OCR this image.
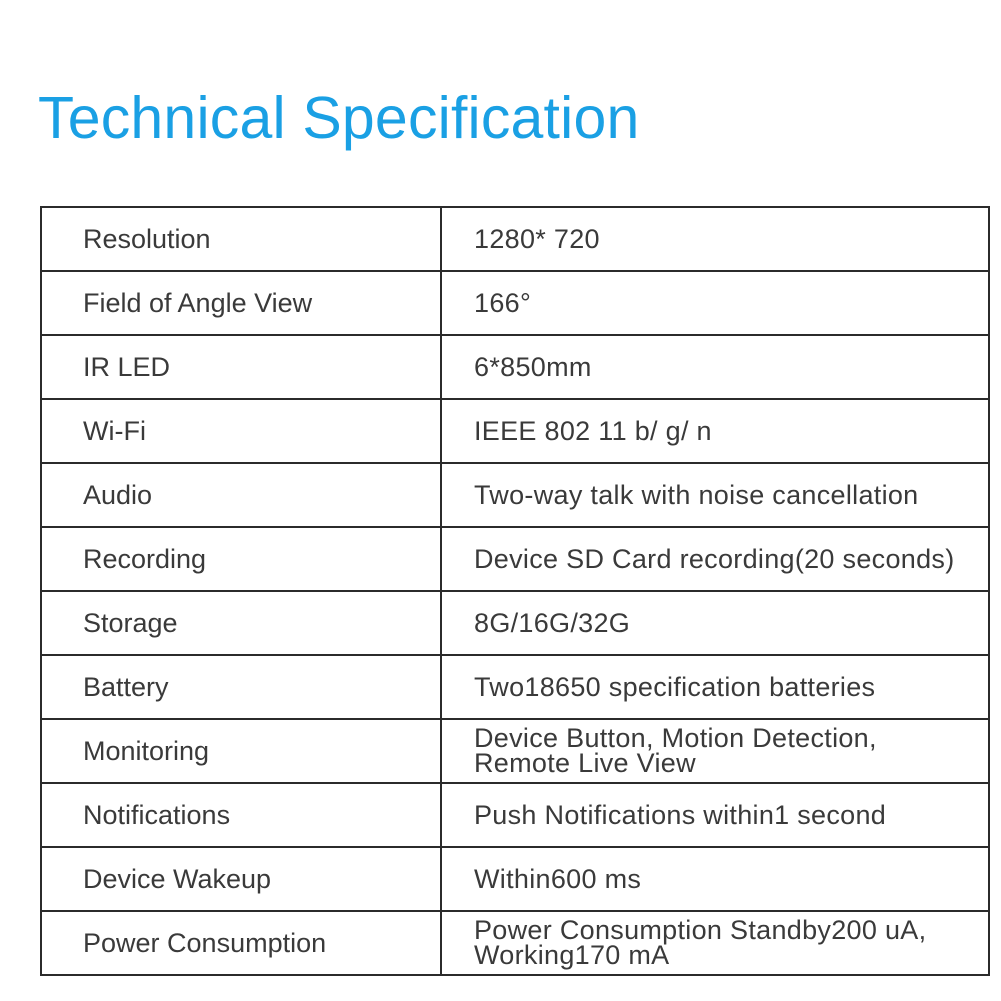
Technical Specification
Resolution	1280* 720

Field of Angle View	166°

IR LED	6*850mm

Wi-Fi	IEEE 802 11 b/ g/ n

Audio	Two-way talk with noise cancellation

Recording	Device SD Card recording(20 seconds)

Storage	8G/16G/32G

Battery	Two18650 specification batteries

Monitoring	Device Button, Motion Detection,
Remote Live View

Notifications	Push Notifications within1 second

Device Wakeup	Within600 ms

Power Consumption	Power Consumption Standby200 uA,
Working170 mA
